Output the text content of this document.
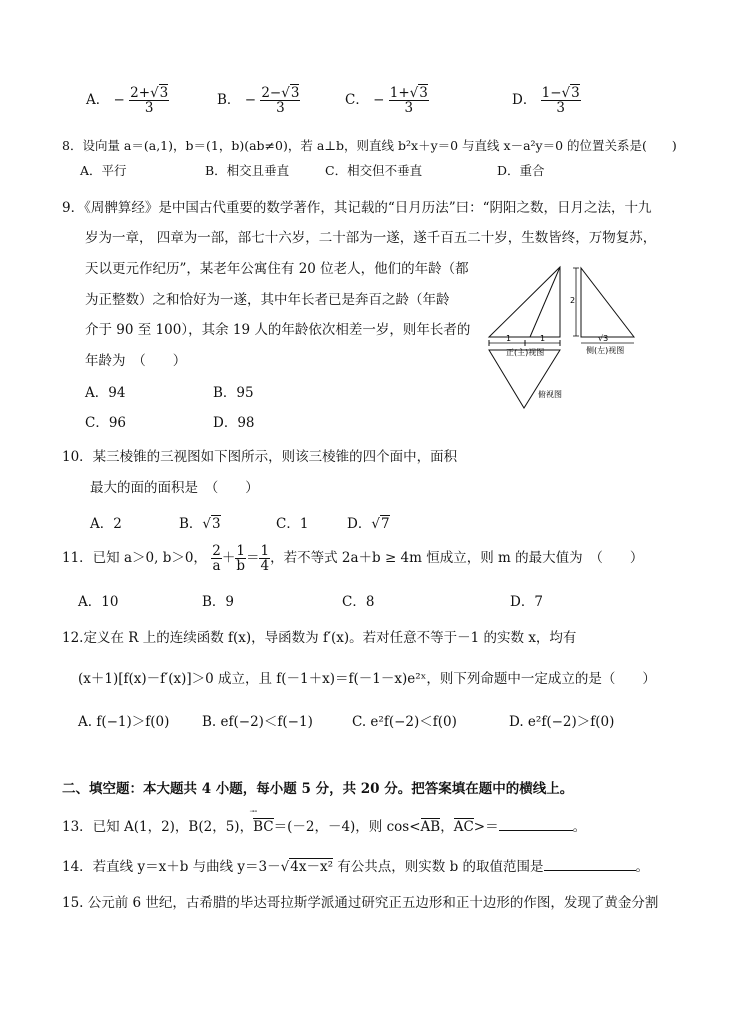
A． − $\frac{2+√3}{3}$	B． − $\frac{2-√3}{3}$	C． − $\frac{1+√3}{3}$	D． $\frac{1-√3}{3}$
8．设向量 a＝(a,1)，b＝(1，b)(ab≠0)，若 a⊥b，则直线 b²x＋y＝0 与直线 x－a²y＝0 的位置关系是(　　)
A．平行	B．相交且垂直	C．相交但不垂直	D．重合
9．《周髀算经》是中国古代重要的数学著作，其记载的“日月历法”曰：“阴阳之数，日月之法，十九
岁为一章， 四章为一部，部七十六岁，二十部为一遂，遂千百五二十岁，生数皆终，万物复苏，
天以更元作纪历”，某老年公寓住有 20 位老人，他们的年龄（都
为正整数）之和恰好为一遂，其中年长者已是奔百之龄（年龄
介于 90 至 100），其余 19 人的年龄依次相差一岁，则年长者的
年龄为　（　　）
A．94	B．95
C．96	D．98
1	1
正(主)视图
2
√3
侧(左)视图
俯视图
10．某三棱锥的三视图如下图所示，则该三棱锥的四个面中，面积
最大的面的面积是　（　　）
A．2	B．√3	C．1	D．√7
11．已知 a＞0, b＞0， $\frac{2}{a} + \frac{1}{b} = \frac{1}{4}$ ，若不等式 2a＋b ≥ 4m 恒成立，则 m 的最大值为　（　　）
A．10	B．9	C．8	D．7
12.定义在 R 上的连续函数 f(x)，导函数为 f′(x)。若对任意不等于－1 的实数 x，均有
(x＋1)[f(x)－f′(x)]＞0 成立，且 f(－1＋x)＝f(－1－x)e²ˣ，则下列命题中一定成立的是（　　）
A. f(−1)＞f(0) B. ef(−2)＜f(−1)	C. e²f(−2)＜f(0)	D. e²f(−2)＞f(0)
二、填空题：本大题共 4 小题，每小题 5 分，共 20 分。把答案填在题中的横线上。
13．已知 A(1，2)，B(2，5)，
⃗ ⃗
BC＝(－2，－4)，则 cos<AB，AC>＝	。
14．若直线 y＝x＋b 与曲线 y＝3－√4x－x² 有公共点，则实数 b 的取值范围是	。
15. 公元前 6 世纪，古希腊的毕达哥拉斯学派通过研究正五边形和正十边形的作图，发现了黄金分割
